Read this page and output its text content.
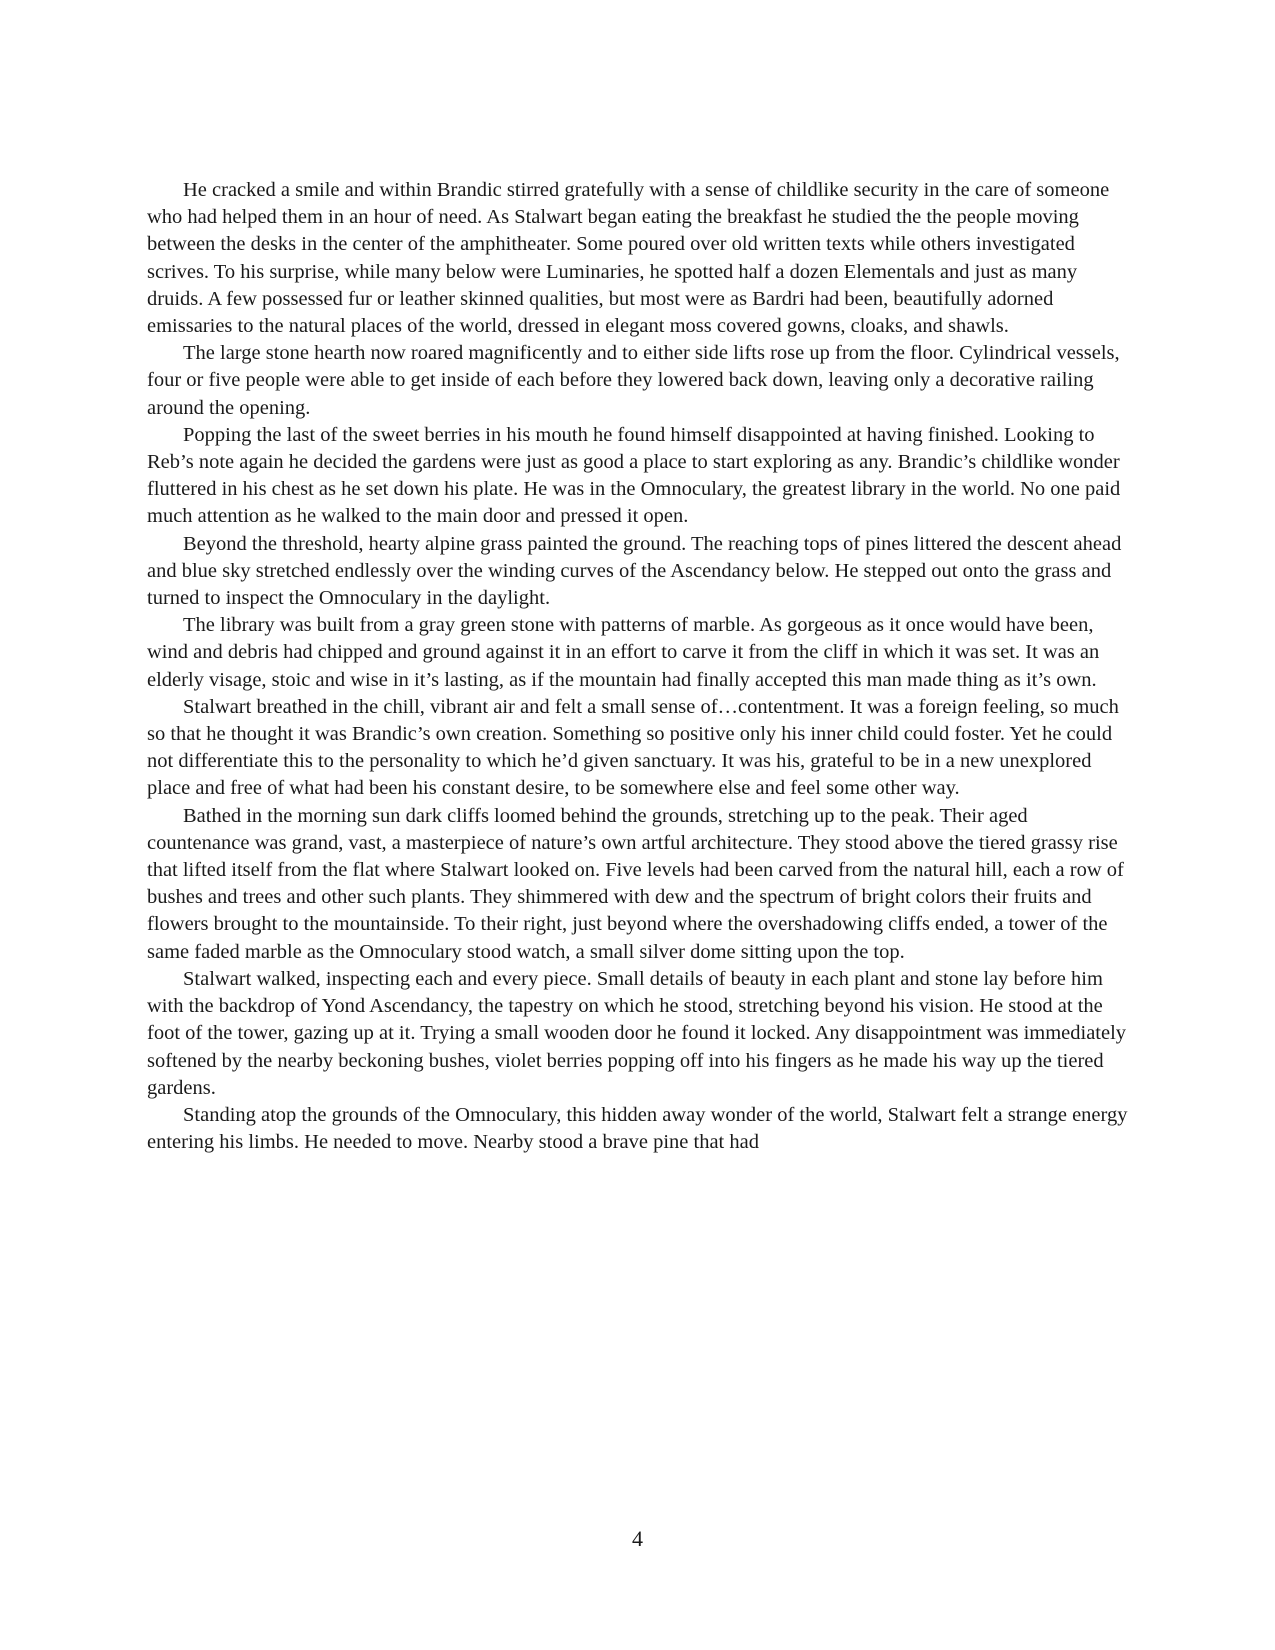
He cracked a smile and within Brandic stirred gratefully with a sense of childlike security in the care of someone who had helped them in an hour of need. As Stalwart began eating the breakfast he studied the the people moving between the desks in the center of the amphitheater. Some poured over old written texts while others investigated scrives. To his surprise, while many below were Luminaries, he spotted half a dozen Elementals and just as many druids. A few possessed fur or leather skinned qualities, but most were as Bardri had been, beautifully adorned emissaries to the natural places of the world, dressed in elegant moss covered gowns, cloaks, and shawls.

The large stone hearth now roared magnificently and to either side lifts rose up from the floor. Cylindrical vessels, four or five people were able to get inside of each before they lowered back down, leaving only a decorative railing around the opening.

Popping the last of the sweet berries in his mouth he found himself disappointed at having finished. Looking to Reb’s note again he decided the gardens were just as good a place to start exploring as any. Brandic’s childlike wonder fluttered in his chest as he set down his plate. He was in the Omnoculary, the greatest library in the world. No one paid much attention as he walked to the main door and pressed it open.

Beyond the threshold, hearty alpine grass painted the ground. The reaching tops of pines littered the descent ahead and blue sky stretched endlessly over the winding curves of the Ascendancy below. He stepped out onto the grass and turned to inspect the Omnoculary in the daylight.

The library was built from a gray green stone with patterns of marble. As gorgeous as it once would have been, wind and debris had chipped and ground against it in an effort to carve it from the cliff in which it was set. It was an elderly visage, stoic and wise in it’s lasting, as if the mountain had finally accepted this man made thing as it’s own.

Stalwart breathed in the chill, vibrant air and felt a small sense of…contentment. It was a foreign feeling, so much so that he thought it was Brandic’s own creation. Something so positive only his inner child could foster. Yet he could not differentiate this to the personality to which he’d given sanctuary. It was his, grateful to be in a new unexplored place and free of what had been his constant desire, to be somewhere else and feel some other way.

Bathed in the morning sun dark cliffs loomed behind the grounds, stretching up to the peak. Their aged countenance was grand, vast, a masterpiece of nature’s own artful architecture. They stood above the tiered grassy rise that lifted itself from the flat where Stalwart looked on. Five levels had been carved from the natural hill, each a row of bushes and trees and other such plants. They shimmered with dew and the spectrum of bright colors their fruits and flowers brought to the mountainside. To their right, just beyond where the overshadowing cliffs ended, a tower of the same faded marble as the Omnoculary stood watch, a small silver dome sitting upon the top.

Stalwart walked, inspecting each and every piece. Small details of beauty in each plant and stone lay before him with the backdrop of Yond Ascendancy, the tapestry on which he stood, stretching beyond his vision. He stood at the foot of the tower, gazing up at it. Trying a small wooden door he found it locked. Any disappointment was immediately softened by the nearby beckoning bushes, violet berries popping off into his fingers as he made his way up the tiered gardens.

Standing atop the grounds of the Omnoculary, this hidden away wonder of the world, Stalwart felt a strange energy entering his limbs. He needed to move. Nearby stood a brave pine that had

4
